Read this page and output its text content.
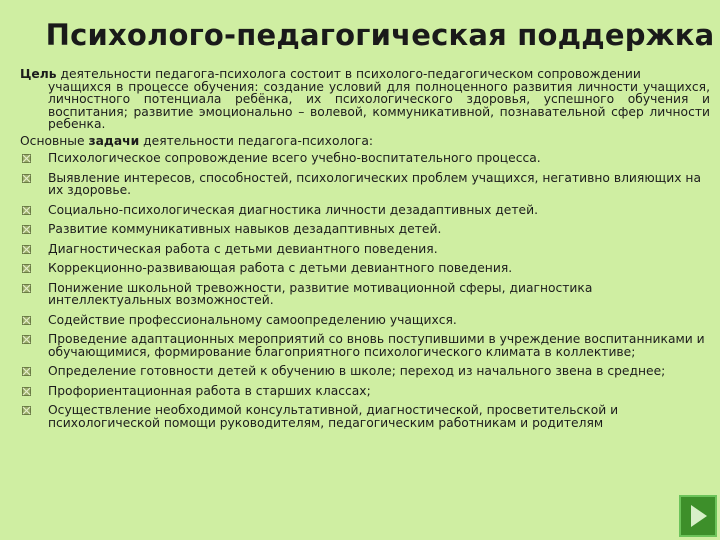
Психолого-педагогическая поддержка

Цель деятельности педагога-психолога состоит в психолого-педагогическом сопровождении
учащихся в процессе обучения: создание условий для полноценного развития личности учащихся, личностного потенциала ребёнка, их психологического здоровья, успешного обучения и воспитания; развитие эмоционально – волевой, коммуникативной, познавательной сфер личности ребенка.

Основные задачи деятельности педагога-психолога:

Психологическое сопровождение всего учебно-воспитательного процесса.
Выявление интересов, способностей, психологических проблем учащихся, негативно влияющих на их здоровье.
Социально-психологическая диагностика личности дезадаптивных детей.
Развитие коммуникативных навыков дезадаптивных детей.
Диагностическая работа с детьми девиантного поведения.
Коррекционно-развивающая работа с детьми девиантного поведения.
Понижение школьной тревожности, развитие мотивационной сферы, диагностика интеллектуальных возможностей.
Содействие профессиональному самоопределению учащихся.
Проведение адаптационных мероприятий со вновь поступившими в учреждение воспитанниками и обучающимися, формирование благоприятного психологического климата в коллективе;
Определение готовности детей к обучению в школе; переход из начального звена в среднее;
Профориентационная работа в старших классах;
Осуществление необходимой консультативной, диагностической, просветительской и психологической помощи руководителям, педагогическим работникам и родителям
